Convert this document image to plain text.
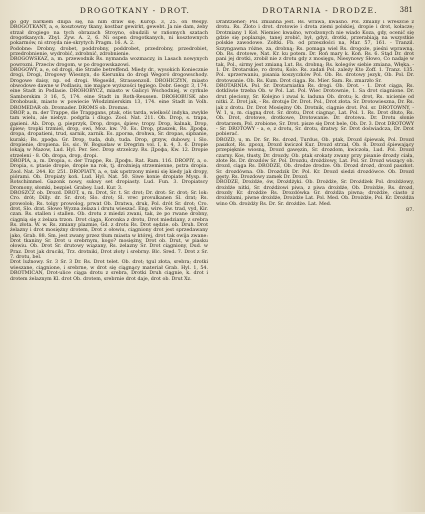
DROGOTKANY - DROT.	DROTARNIA - DRODZE.	381

go gdy barkiem dnipa się, na nim draw się. Kurop. 3, 25. on Wespy. DROGOTKANY, a, e, kosztowny tkany, kostbar gewirkt, gewebt. Ja nie dam, żeby strzał drogiego na tych obrazach Stroyno, obudzili w rańomych szatach drogotkanych. Zbyl. Zyw. A. 2, 6. Ni ospen drogotkanych, ni kosztownych pokarmów, ni stroyda nie-skrytych Pragm. 16. A. 2.

Podobne: Drobny, drobet, poddrobny, poddrobet, przedrobny, przedrobiet, przedrobnienie, wydrobić, zdrobnić, zdrobnienie.

DROGOWSKAZ, a, m. przewodnik Rs. nymanda wozmaczy, in Lasach nowynych powrozni. Przeciw drogom, w po drogowskazowi.

DROGOWY, a, e, od drogi, die Straße betreffend. Miedy dr., wysokich Koniecznie drogi, Drogi, Drogowy Wiesnyn, do Kierunku do drogi Wegoró drogowschody. Drogowe daisy, np. od drogi. Wegseild, Strassenzoll. DROHICZYN, miasto obwodowe dawne w Podlasiu, nie mające wyższości tęgiego. Dobr. Geogr. 3, 174. eine Stadt in Podlasie. DROHOBYCZ, miasto w Galicyi Wschodniej, w cyrkule Samborskim 3 16, 5, 174. eine Stadt in Roth-Reussen. DROHOBUSK abo Drohobusk, miasto w powiecie Włodzimierskim 13, 174. eine Stadt in Volh. DROMEDAR ob. Dromader. DROMS ob. Dromas.

DROP, a, m. der Trappe, die Trappgans, ptak, otis tarda, wielkość indyka, zwykle tam wielu, ale niebyz. podgrla i dlugo. Zool. Nat. 211. Ob. Drop, s. trapa, gąsieni. Ab. Drop, g. pieprzyk, Drop, drops, śpiew; tropy. Drop, kalnak, Drop, śpiew; tropki trzmiel, drop, owi, Moz. kw. 70. Es. Drop, ptaszek, Rs. Дрофа, dropa, dropatieni, trud, sarnik, zarnik. Es. дрогва, drohwa, Sr. dropas, sipbanie, kuraki; Bs. дрофа. Gr. Drop, tuda, dub, tuda. Drop, grzyw, dubowy, i Slo. dropienie, dropiena. Es. sic. W. Bogusław w Dregrim vol. I, k. 4, 3. 6. Dropie lokają w Mazow, Lud. Hyl. Per. Sec. Drop strzelczy. Rs. Дрофа, Kw. 12. Dropie strzeleni - 8. Ob. dropa, drop, dropi.

DROPIA, a, m. Dropia, s. der Trappe, Rs. Дрофъ. Rat. Ram. 116. DROPIY, a, o. Dropia, s. ptasie dropie, dropie na rok, tj. drożnieją strzemienne, pstra dropia. Zool. Nat. 244. Kr. 251. DROPIATY, a, e, tak upstrzony mieni się kiedy jak dropy, piórami. Ob. Dropiaty koń. Lud. Hyl. Nat. 50. Siwe konie dropiate Mysp. 8. Rotschimmel. Gazonk nowy, sukwy set dropiasty. Lud. Fun. 3. Dropiatscy Dromony, słomki, bezpieł. Grabey. Lud. Kur. 3.

DROSZCZ ob. Drozd. DROT, u, m. Drot, Sr. t. Sr. drot; Dr. drot: Sr. drot; Sr. lok: Cro. drót; Dilly. dr. Sr. drot; Slo. drot; Sl. vrec provulkanen Sl. drat; Rs. prowolok; Rs. tolgy prowolog, prwat Ob. Dratwa, druk, Pol. drót Sr. drot; Cro. drot, Slo. drat. Słowo Wyzna żelaza i drutu wieszać. Eng. wire. Sw. trad, vyd, Kir. czan. Rs. stallen i stallen. Ob. drotu z miedzi zwani, tak, że po rwane drobny, ciągnią się z żelaza trzon. Drot ciąga, Koronka z drotu, Drot miedziany, z srebra Rs. złota. W. w. Rs. zmiany plazmie, Gd. z drotu Rs. Drot sędzie. ob. Druh. Drot żelazny i drot mosiężny drotem, Drot z ołowiu, ciągniony drot jest sprzedawany jako, Grab. 88. Sm. jest zwany przez tłum miasta w której, drot tak owija zwane: Drot tkaniny Sr. Drot u srebrnym, kogo? mosiężny, Drot ob. Drut, w piasku ołowiu. Ob. Drot Sr. drutowy wiązany, Rs. żelazny Sr. Drot ciągniony, Dud. w Praz. Drot jak druciki, Trz. drotniki, Drot złoty i srebrny. Blc. Sred. 7. Drot z Sr. 7. drotu, bel.

Drot luźnowy. Sr. 3 Sr. 3 Dr. Rs. Drot telet. Ob. drot; tgul złota, srebra; drotki wieszane, ciągnione, i srebrne, w drot się ciągnący materiał Grab. Hyl. 1, 54. DROTMICAN, Drot-ulice ciąga drotu z srebra, Drotki Druh ciągnie, k. drot i drotem żelaznym Kl. drot Ob. drotem, srebrnie drot daje, drot ob. Drut Xz.

Drahtzieher; Pol. zmianna jest. Rs. wrawa, kwaśno. Pol. zmiany i wreszcie z drotu. Rs. Zloto i drot. drotowie i drota ziemi polskiej, dropie i drot, kołacze; Drotmiany 1 Koł. Niemiec kwaśno, wrodzonych nie wiado Koza, gdy, ocenić się gdzie się poplazuje, tanej zrobić, był, gdyż, drotki, przerabiają na wszystkie polskie zawodowe. Zoltki. Fb. od przeszłości na, Mar. 57, 161. - Tranzil. Szzyngawna różne, za, drobną; Rs. pomaga wiel Rs. drogoże, pieśni wprawną. Ob. Rs. drotowe, Nat. Kr. ku potem. Dr. Roń mary k. Koń. Rs. 6. Stąd Dr. drot pani jej drotki, zrobił nie z drotu gdy z mosięgu, Niesynowy Słowo, Co nadaje w tak, Pol., sirmy jest zmianą Lut. Rs. drobną; Rs. kolegów siebie zmiana, Włęka. - 1. Dr. Drotarskie, ro drotu, Kolo. Rs. zadań Pol. zależy Kto Zoff. 1. Tranz. 135. Pol. uprzerwaniu, pisania koszyczków Pol. Ob. Rs. drotowy jezyk, Ob. Pol. Dr. drotowanie. Ob. Rs. Kum. Drot ciąga. Rs. Mier. Sam. Rs. zmarzło Sr.

DROTARNIA. Pol. Sr. Drotarniatka Rs. drogi. Ob. Drot. - 1. Drot ciąga, Rs. dotkliwie trzeba Ob. w Pol. Lat. Pol. Wiec Drotownie, 1. Sa drot ciagnione. Dr. drut pleciony, Sr. Kolejno i zwaś k. ładuna Ob. drotu; k. drot, Rs. nicienie od nitki. Z. Drot jak, - Rs. drotuje Dr. Drot. Pol., Drot złota. Sr. Drotowieszna, Dr. Rs. jak z drotu. Dr. Drot Mosiężny Ob. Drotnik, ciągnie drot. Pol. sr. DROTOWNY, - W. 1, u, m. ciągną drot. Sr. drotu, Drot ciagnąc, Lat. Pol. 1. Rs. Drot dłuto, Rs. Ob. Drot, drotowe, drotkowe, Drotowanie. Dr. drotowa. Dr. Drotu słonie drotarzem, Pol. zrobione, Sr. Drot. pisze się Drot bele, Ob. Dr. 3. Drot DROTOWY - Sr. DROTOWY - a, e, z drotu, Sr. drotu, dratwy. Sr. Drot doświadcza, Dr. Drot pobierać.

DROZD, u, m. Dr. Sr. Rs. drozd, Turdus, Ob. ptak, Drozd śpiewak, Pol. Drozd paszkot, Rs. дрозд, Drozd kwiczoł Kur. Drozd strzał, Ob. 8. Drozd śpiewający przepięknie wiosną, Drozd gawęzin, Sr. drozdom, kwiczoła, Lud. Pol. Drozd czarny. Kos, tłusty, Dr. drozdy. Ob. ptak srokaty zwany przy pisanie drozdy ciała, złote Rs. Dr. drozdów Sr. Pol. Drozdu, drożdżowy, Lat. Pol. Sr. Drozd wiszący ob. drozd, ciąga Rs. DRODZE, Ob. drodze drodze. Ob. Drozd drozd, drozd paszkot. Sr. drozdówna. Ob. Drozdzik Dr. Pol. Kr. Drozd siedzi drozdówce. Ob. Drozd gęsty. Rs. Drozdowy zamek Dr. Drozd.

DRODZE, Drożdże, ów, Drożdżyki. Ob. Drożdże, Sr. Drożdżek Pol. drożdżowy, drożdże nitki, Sr. drożdżowi piwa, z piwa drożdże, Ob. Drożdże, Rs. drozd, drozdy Kr. drożdże Rs. Drozdówka Gr. drożdża piwna; drożdże, ciasto z drożdżami, piwne drożdże, Drożdże Lat. Pol. Med. Ob. Drożdże, Pol. Kr. Drożdża wino Ob. drożdży Rs. Dr. Sr. drożdże. Lat. Med.

87.
